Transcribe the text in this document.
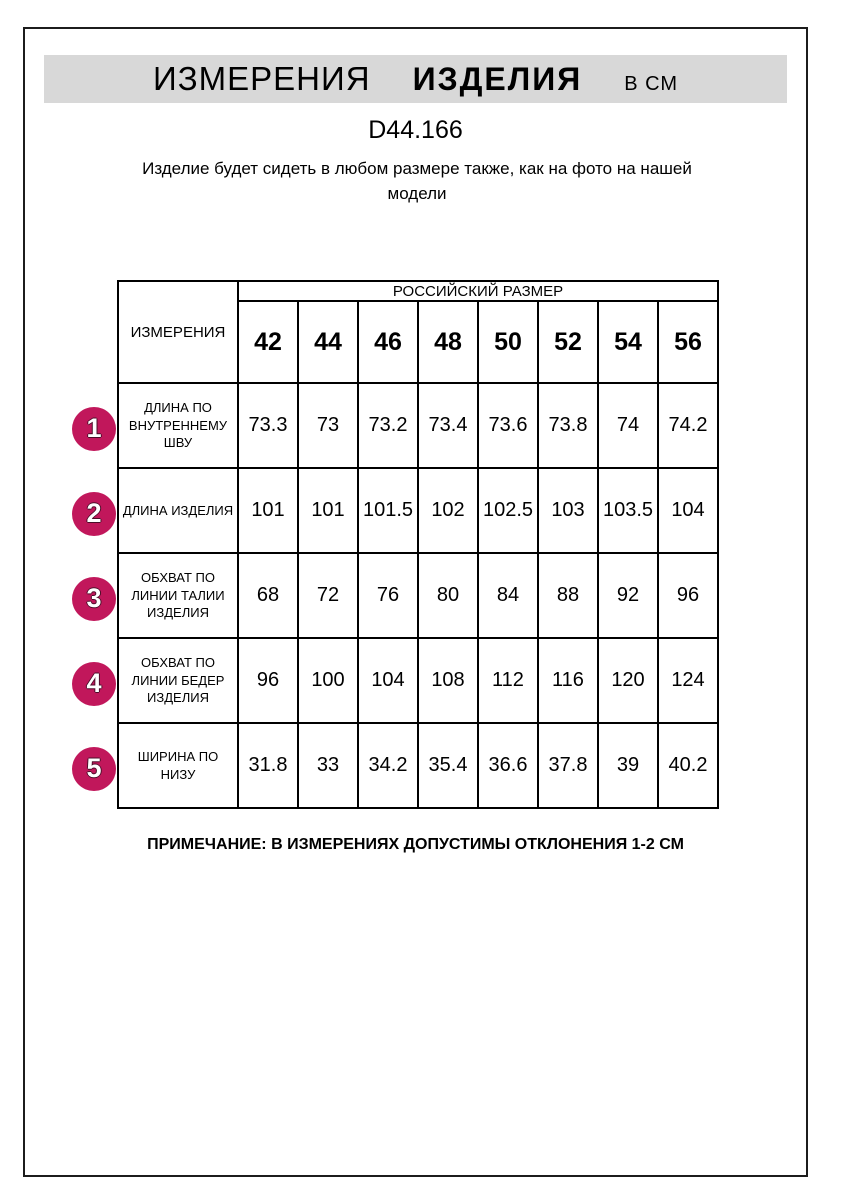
ИЗМЕРЕНИЯ ИЗДЕЛИЯ В СМ
D44.166
Изделие будет сидеть в любом размере также, как на фото на нашей модели
1
2
3
4
5
ИЗМЕРЕНИЯ	РОССИЙСКИЙ РАЗМЕР							
	42	44	46	48	50	52	54	56
ДЛИНА ПО ВНУТРЕННЕМУ ШВУ	73.3	73	73.2	73.4	73.6	73.8	74	74.2
ДЛИНА ИЗДЕЛИЯ	101	101	101.5	102	102.5	103	103.5	104
ОБХВАТ ПО ЛИНИИ ТАЛИИ ИЗДЕЛИЯ	68	72	76	80	84	88	92	96
ОБХВАТ ПО ЛИНИИ БЕДЕР ИЗДЕЛИЯ	96	100	104	108	112	116	120	124
ШИРИНА ПО НИЗУ	31.8	33	34.2	35.4	36.6	37.8	39	40.2
ПРИМЕЧАНИЕ: В ИЗМЕРЕНИЯХ ДОПУСТИМЫ ОТКЛОНЕНИЯ 1-2 СМ
